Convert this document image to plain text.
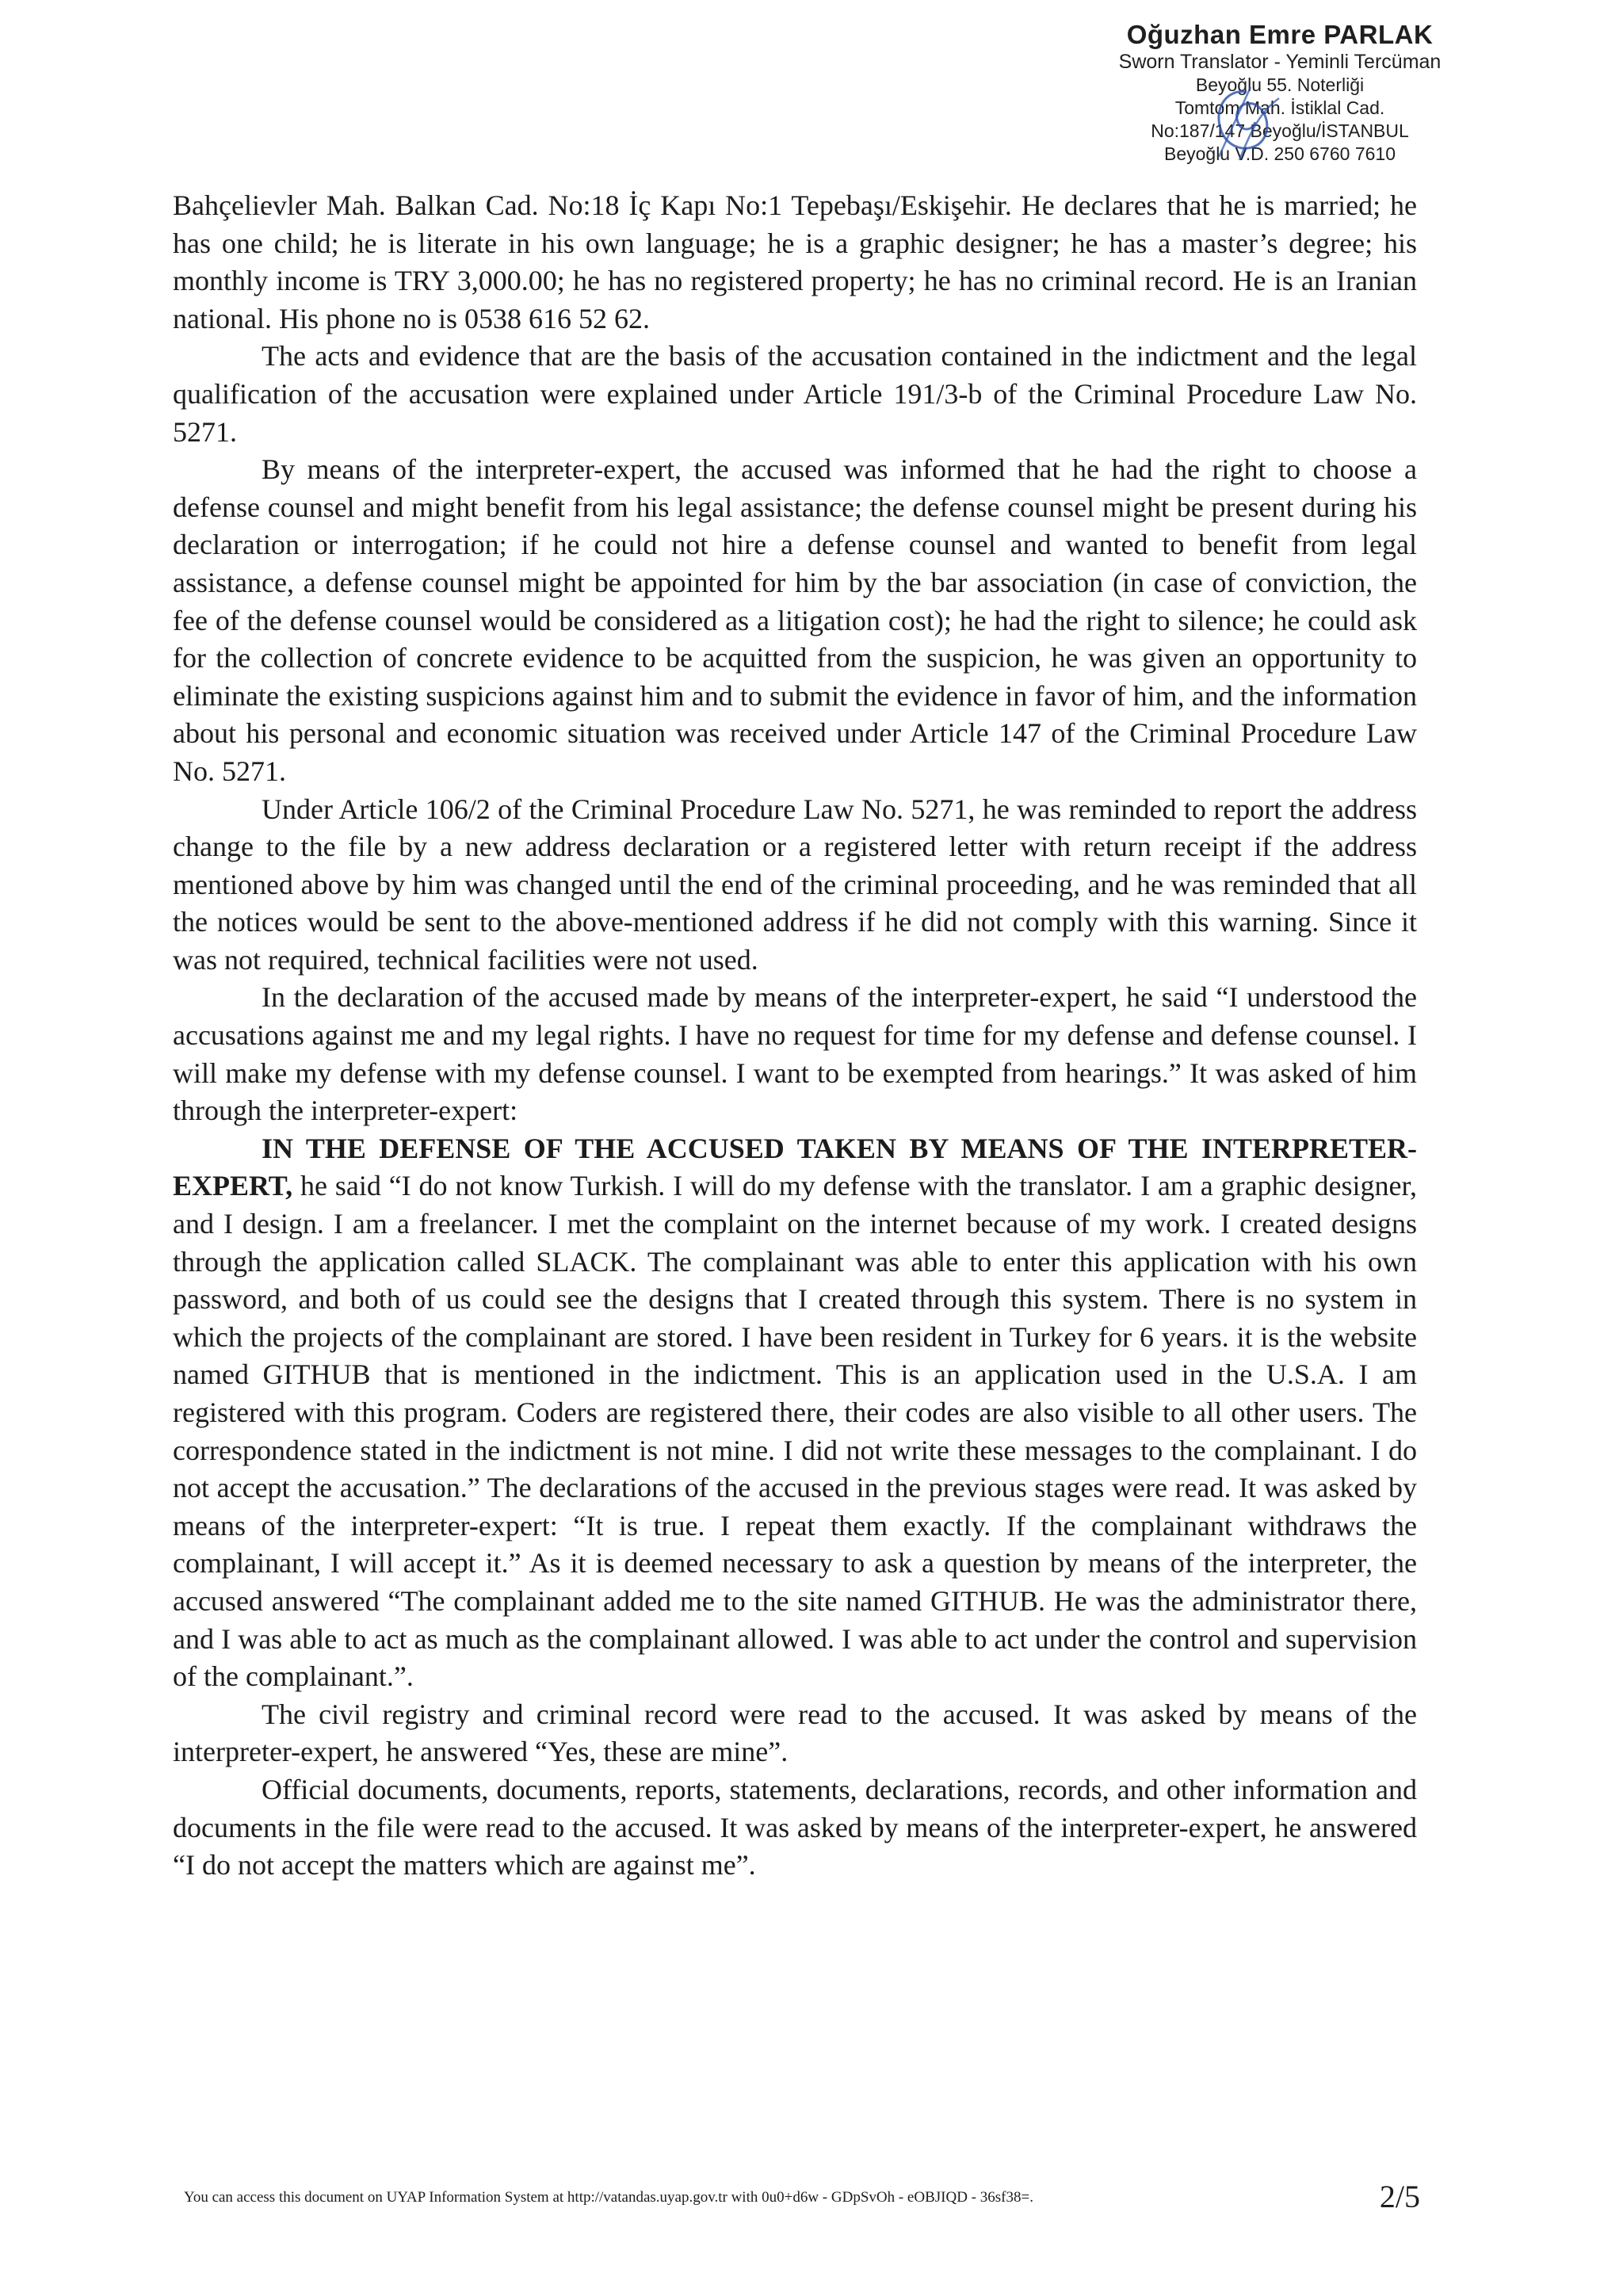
Oğuzhan Emre PARLAK
Sworn Translator - Yeminli Tercüman
Beyoğlu 55. Noterliği
Tomtom Mah. İstiklal Cad.
No:187/147 Beyoğlu/İSTANBUL
Beyoğlu V.D. 250 6760 7610

Bahçelievler Mah. Balkan Cad. No:18 İç Kapı No:1 Tepebaşı/Eskişehir. He declares that he is married; he has one child; he is literate in his own language; he is a graphic designer; he has a master’s degree; his monthly income is TRY 3,000.00; he has no registered property; he has no criminal record. He is an Iranian national. His phone no is 0538 616 52 62.

The acts and evidence that are the basis of the accusation contained in the indictment and the legal qualification of the accusation were explained under Article 191/3-b of the Criminal Procedure Law No. 5271.

By means of the interpreter-expert, the accused was informed that he had the right to choose a defense counsel and might benefit from his legal assistance; the defense counsel might be present during his declaration or interrogation; if he could not hire a defense counsel and wanted to benefit from legal assistance, a defense counsel might be appointed for him by the bar association (in case of conviction, the fee of the defense counsel would be considered as a litigation cost); he had the right to silence; he could ask for the collection of concrete evidence to be acquitted from the suspicion, he was given an opportunity to eliminate the existing suspicions against him and to submit the evidence in favor of him, and the information about his personal and economic situation was received under Article 147 of the Criminal Procedure Law No. 5271.

Under Article 106/2 of the Criminal Procedure Law No. 5271, he was reminded to report the address change to the file by a new address declaration or a registered letter with return receipt if the address mentioned above by him was changed until the end of the criminal proceeding, and he was reminded that all the notices would be sent to the above-mentioned address if he did not comply with this warning. Since it was not required, technical facilities were not used.

In the declaration of the accused made by means of the interpreter-expert, he said “I understood the accusations against me and my legal rights. I have no request for time for my defense and defense counsel. I will make my defense with my defense counsel. I want to be exempted from hearings.” It was asked of him through the interpreter-expert:

IN THE DEFENSE OF THE ACCUSED TAKEN BY MEANS OF THE INTERPRETER-EXPERT, he said “I do not know Turkish. I will do my defense with the translator. I am a graphic designer, and I design. I am a freelancer. I met the complaint on the internet because of my work. I created designs through the application called SLACK. The complainant was able to enter this application with his own password, and both of us could see the designs that I created through this system. There is no system in which the projects of the complainant are stored. I have been resident in Turkey for 6 years. it is the website named GITHUB that is mentioned in the indictment. This is an application used in the U.S.A. I am registered with this program. Coders are registered there, their codes are also visible to all other users. The correspondence stated in the indictment is not mine. I did not write these messages to the complainant. I do not accept the accusation.” The declarations of the accused in the previous stages were read. It was asked by means of the interpreter-expert: “It is true. I repeat them exactly. If the complainant withdraws the complainant, I will accept it.” As it is deemed necessary to ask a question by means of the interpreter, the accused answered “The complainant added me to the site named GITHUB. He was the administrator there, and I was able to act as much as the complainant allowed. I was able to act under the control and supervision of the complainant.”.

The civil registry and criminal record were read to the accused. It was asked by means of the interpreter-expert, he answered “Yes, these are mine”.

Official documents, documents, reports, statements, declarations, records, and other information and documents in the file were read to the accused. It was asked by means of the interpreter-expert, he answered “I do not accept the matters which are against me”.

You can access this document on UYAP Information System at http://vatandas.uyap.gov.tr with 0u0+d6w - GDpSvOh - eOBJIQD - 36sf38=.	2/5
